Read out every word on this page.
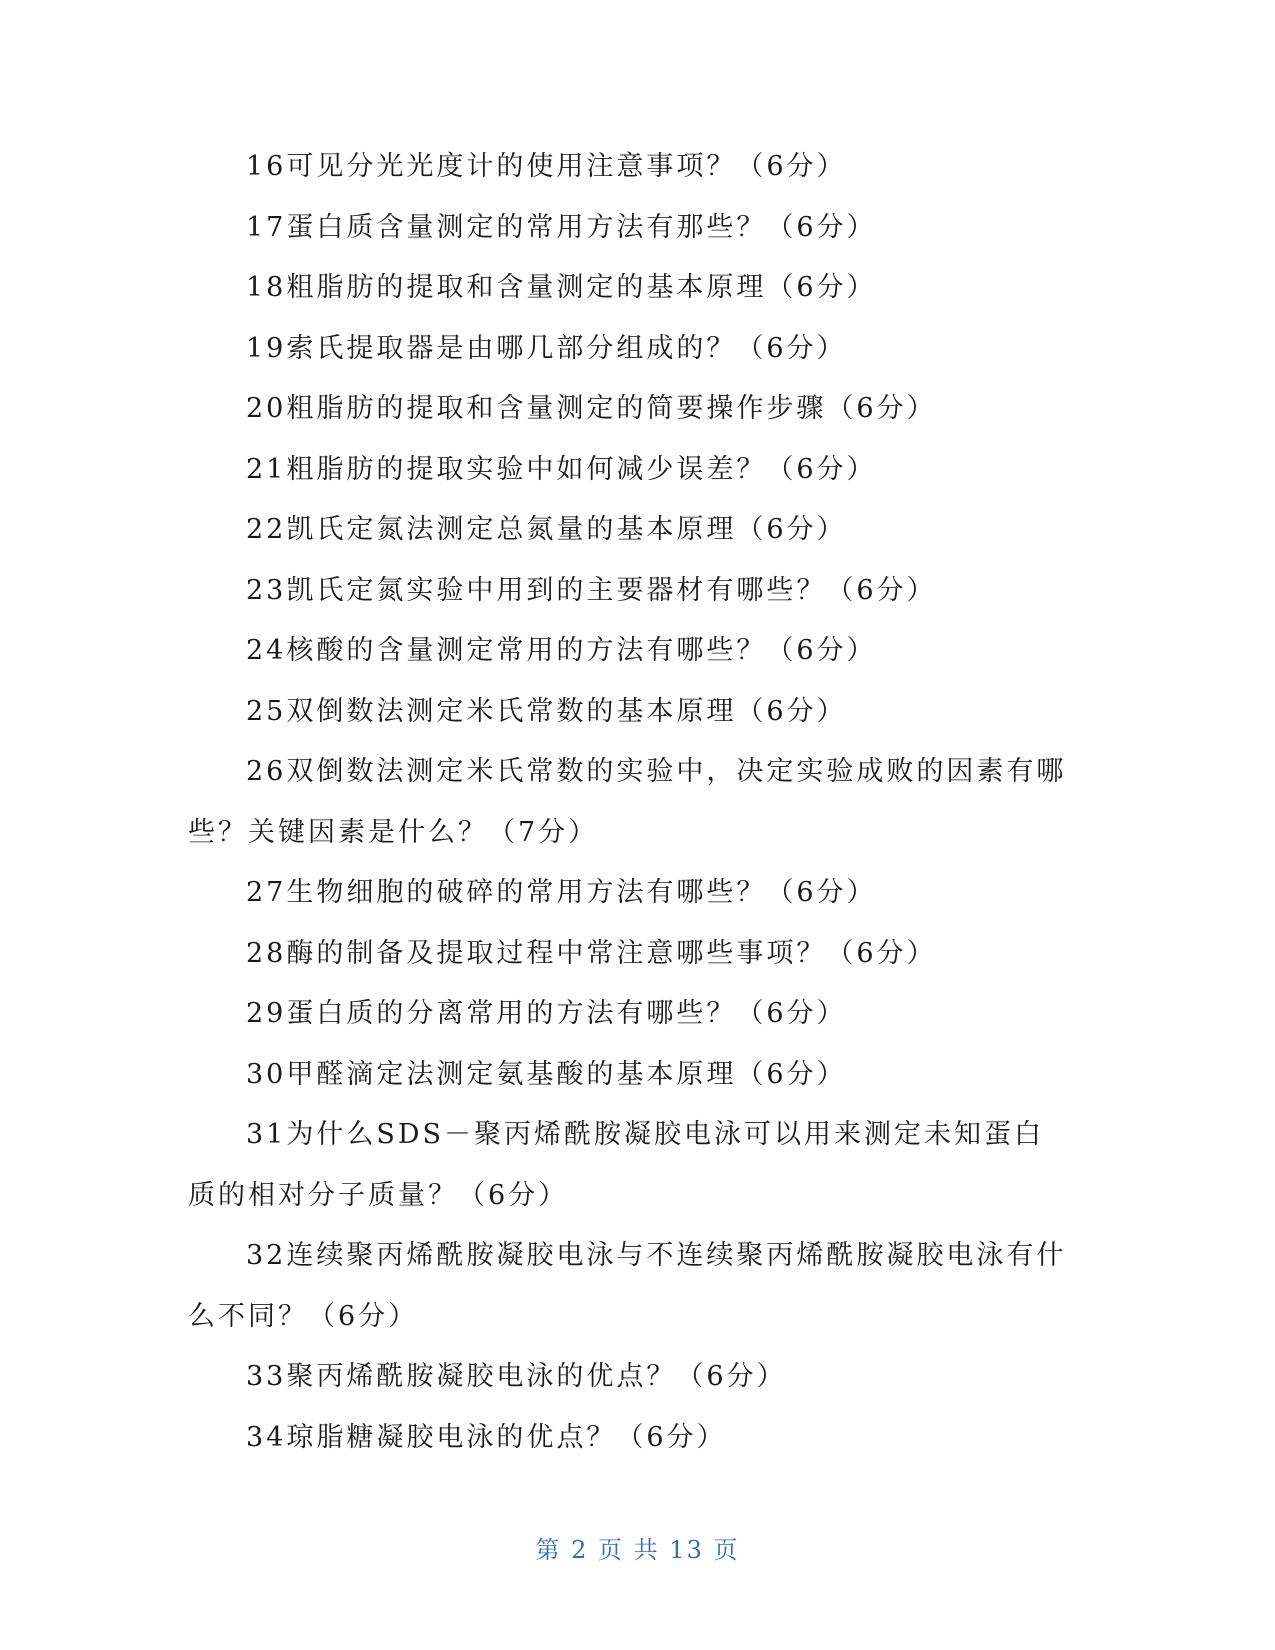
16可见分光光度计的使用注意事项？（6分）

17蛋白质含量测定的常用方法有那些？（6分）

18粗脂肪的提取和含量测定的基本原理（6分）

19索氏提取器是由哪几部分组成的？（6分）

20粗脂肪的提取和含量测定的简要操作步骤（6分）

21粗脂肪的提取实验中如何减少误差？（6分）

22凯氏定氮法测定总氮量的基本原理（6分）

23凯氏定氮实验中用到的主要器材有哪些？（6分）

24核酸的含量测定常用的方法有哪些？（6分）

25双倒数法测定米氏常数的基本原理（6分）

26双倒数法测定米氏常数的实验中，决定实验成败的因素有哪些？关键因素是什么？（7分）

27生物细胞的破碎的常用方法有哪些？（6分）

28酶的制备及提取过程中常注意哪些事项？（6分）

29蛋白质的分离常用的方法有哪些？（6分）

30甲醛滴定法测定氨基酸的基本原理（6分）

31为什么SDS－聚丙烯酰胺凝胶电泳可以用来测定未知蛋白质的相对分子质量？（6分）

32连续聚丙烯酰胺凝胶电泳与不连续聚丙烯酰胺凝胶电泳有什么不同？（6分）

33聚丙烯酰胺凝胶电泳的优点？（6分）

34琼脂糖凝胶电泳的优点？（6分）

第 2 页 共 13 页
